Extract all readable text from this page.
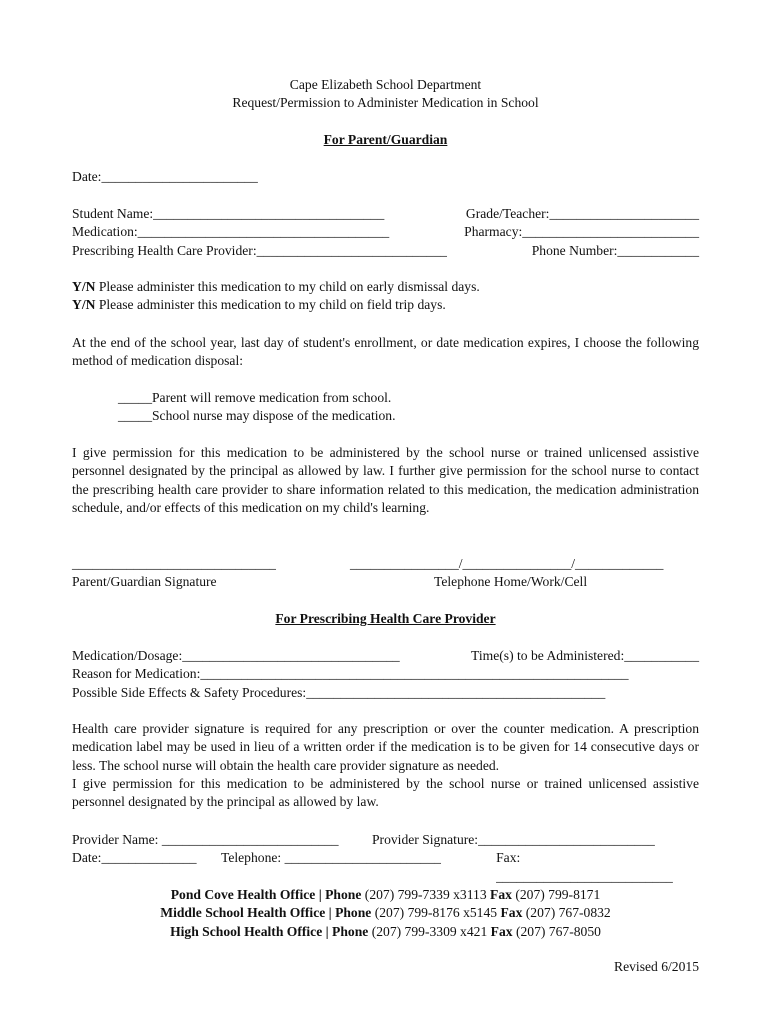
Cape Elizabeth School Department
Request/Permission to Administer Medication in School
For Parent/Guardian
Date:_______________________
Student Name:__________________________________	Grade/Teacher:______________________
Medication:_____________________________________	Pharmacy:__________________________
Prescribing Health Care Provider:____________________________	Phone Number:____________
Y/N Please administer this medication to my child on early dismissal days.
Y/N Please administer this medication to my child on field trip days.
At the end of the school year, last day of student's enrollment, or date medication expires, I choose the following method of medication disposal:
_____Parent will remove medication from school.
_____School nurse may dispose of the medication.
I give permission for this medication to be administered by the school nurse or trained unlicensed assistive personnel designated by the principal as allowed by law. I further give permission for the school nurse to contact the prescribing health care provider to share information related to this medication, the medication administration schedule, and/or effects of this medication on my child's learning.
______________________________	________________/________________/_____________
Parent/Guardian Signature	Telephone Home/Work/Cell
For Prescribing Health Care Provider
Medication/Dosage:________________________________	Time(s) to be Administered:___________
Reason for Medication:_______________________________________________________________
Possible Side Effects & Safety Procedures:____________________________________________
Health care provider signature is required for any prescription or over the counter medication. A prescription medication label may be used in lieu of a written order if the medication is to be given for 14 consecutive days or less. The school nurse will obtain the health care provider signature as needed.
I give permission for this medication to be administered by the school nurse or trained unlicensed assistive personnel designated by the principal as allowed by law.
Provider Name: __________________________	Provider Signature:__________________________
Date:______________	Telephone: _______________________	Fax: __________________________
Pond Cove Health Office | Phone (207) 799-7339 x3113 Fax (207) 799-8171
Middle School Health Office | Phone (207) 799-8176 x5145 Fax (207) 767-0832
High School Health Office | Phone (207) 799-3309 x421 Fax (207) 767-8050
Revised 6/2015
